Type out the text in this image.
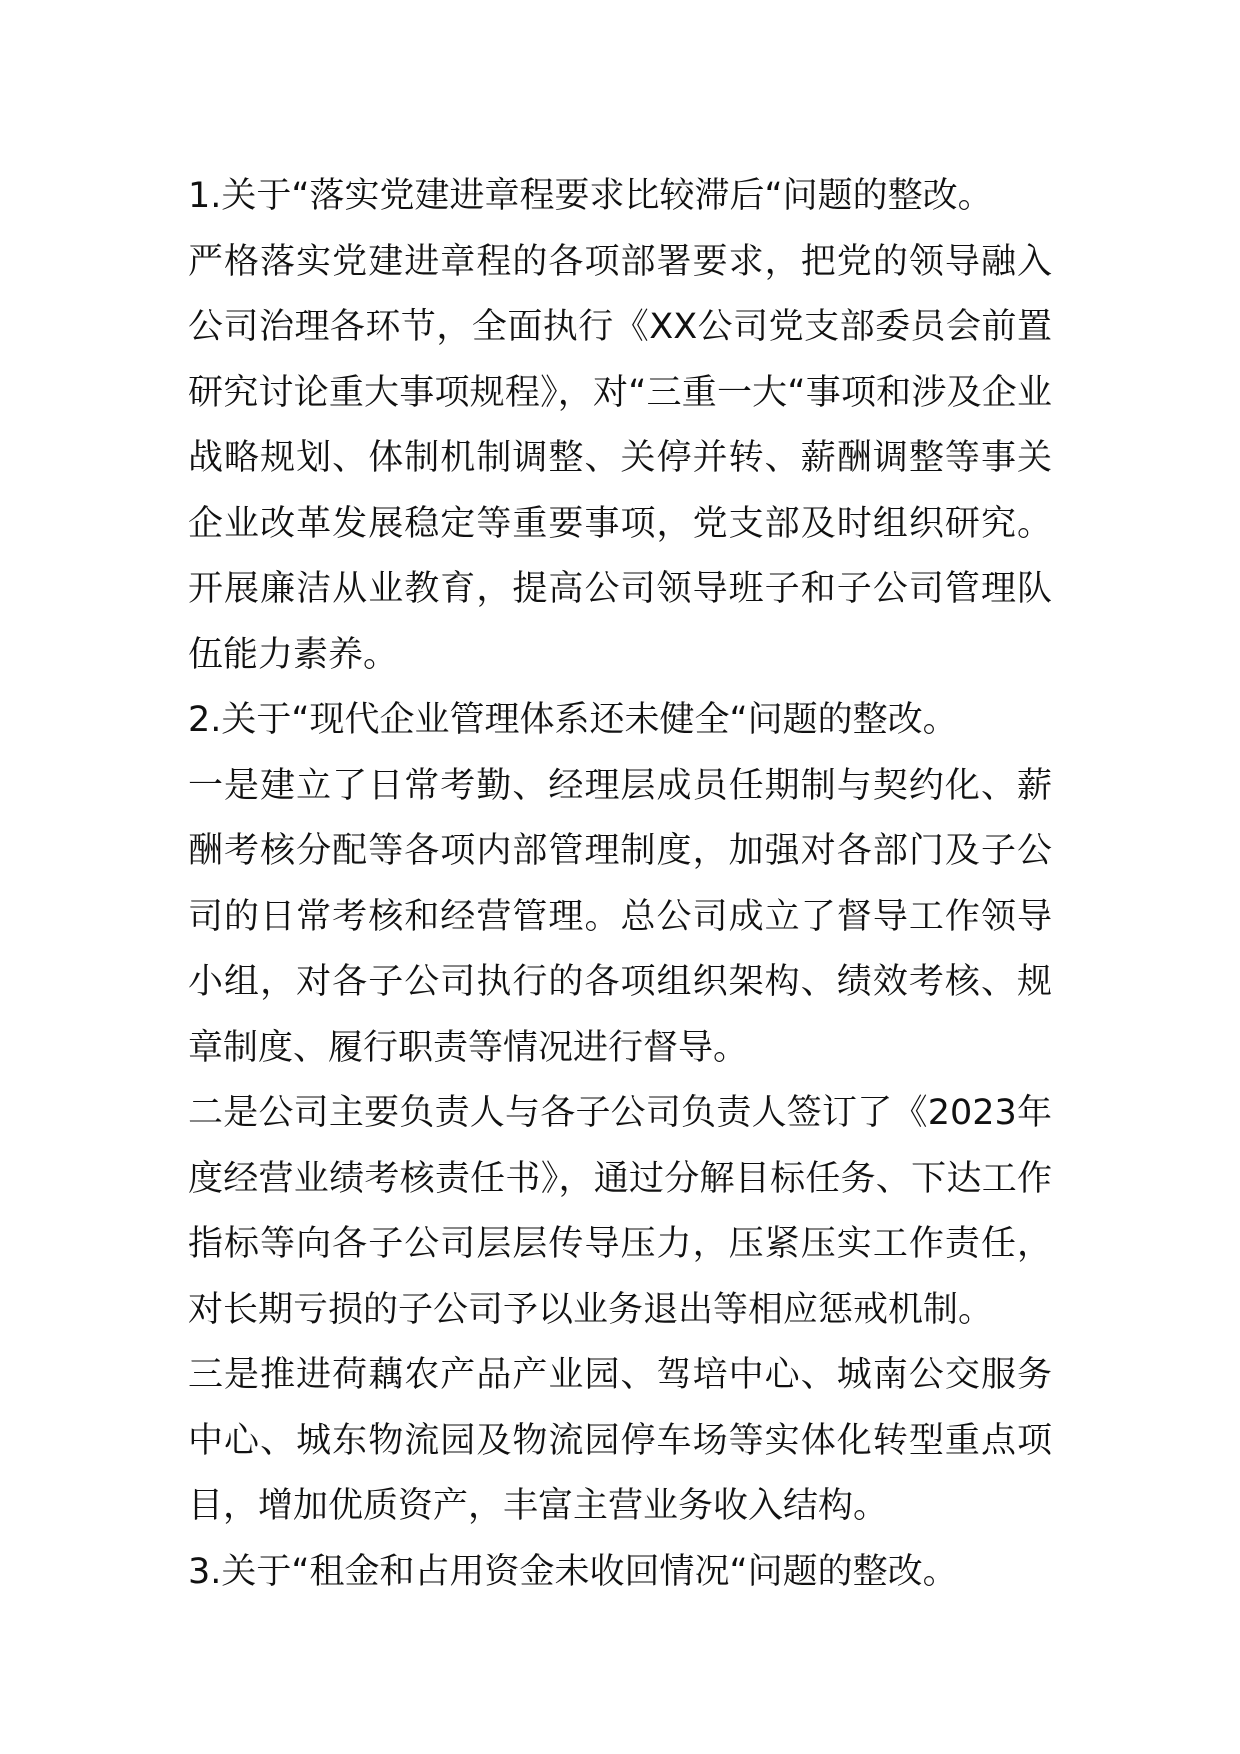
1.关于“落实党建进章程要求比较滞后“问题的整改。

严格落实党建进章程的各项部署要求，把党的领导融入公司治理各环节，全面执行《XX公司党支部委员会前置研究讨论重大事项规程》，对“三重一大“事项和涉及企业战略规划、体制机制调整、关停并转、薪酬调整等事关企业改革发展稳定等重要事项，党支部及时组织研究。开展廉洁从业教育，提高公司领导班子和子公司管理队伍能力素养。

2.关于“现代企业管理体系还未健全“问题的整改。

一是建立了日常考勤、经理层成员任期制与契约化、薪酬考核分配等各项内部管理制度，加强对各部门及子公司的日常考核和经营管理。总公司成立了督导工作领导小组，对各子公司执行的各项组织架构、绩效考核、规章制度、履行职责等情况进行督导。

二是公司主要负责人与各子公司负责人签订了《2023年度经营业绩考核责任书》，通过分解目标任务、下达工作指标等向各子公司层层传导压力，压紧压实工作责任，对长期亏损的子公司予以业务退出等相应惩戒机制。

三是推进荷藕农产品产业园、驾培中心、城南公交服务中心、城东物流园及物流园停车场等实体化转型重点项目，增加优质资产，丰富主营业务收入结构。

3.关于“租金和占用资金未收回情况“问题的整改。
